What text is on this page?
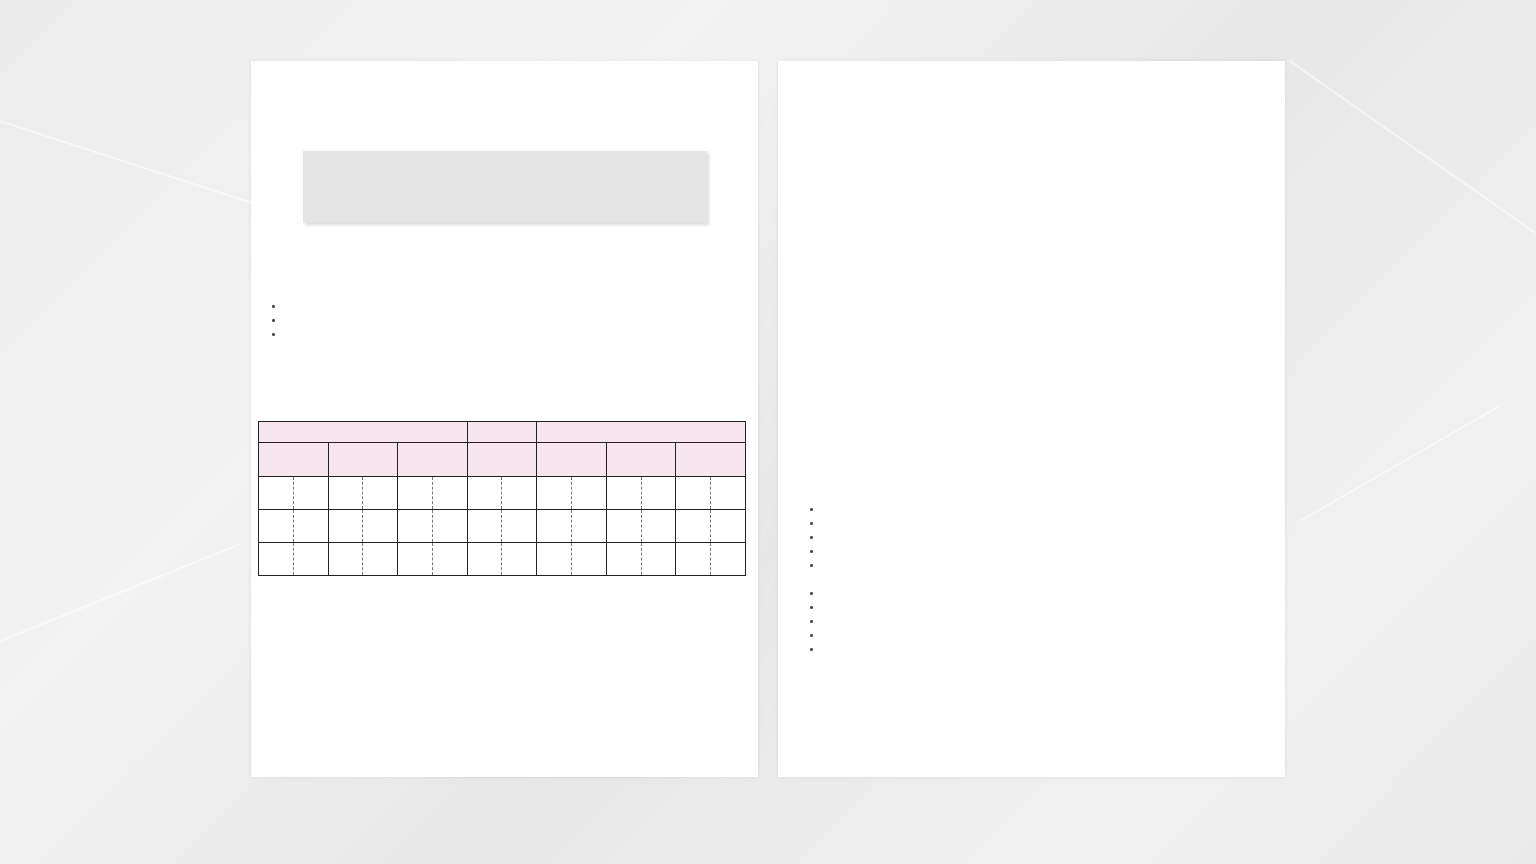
•
•
•

•
•
•
•
•

•
•
•
•
•
